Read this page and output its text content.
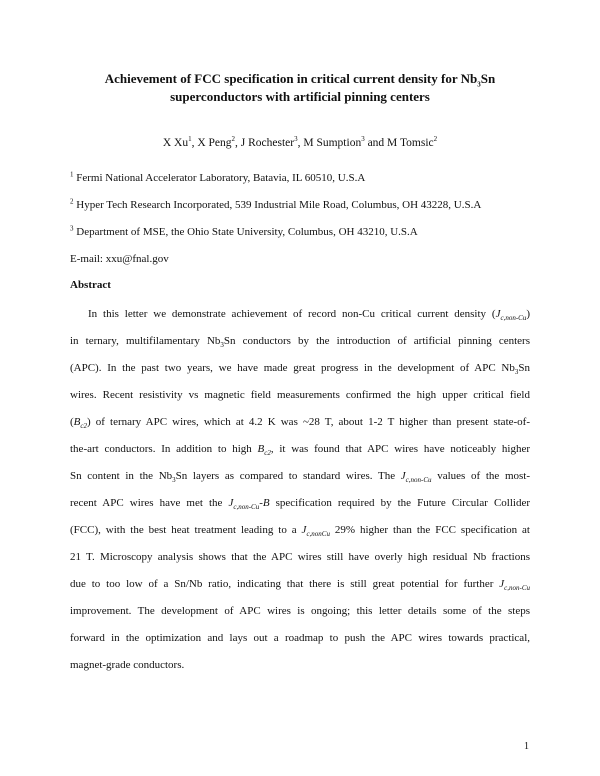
Achievement of FCC specification in critical current density for $Nb_3Sn$
superconductors with artificial pinning centers
X Xu$^1$, X Peng$^2$, J Rochester$^3$, M Sumption$^3$ and M Tomsic$^2$
$^1$ Fermi National Accelerator Laboratory, Batavia, IL 60510, U.S.A
$^2$ Hyper Tech Research Incorporated, 539 Industrial Mile Road, Columbus, OH 43228, U.S.A
$^3$ Department of MSE, the Ohio State University, Columbus, OH 43210, U.S.A
E-mail: xxu@fnal.gov
Abstract
In this letter we demonstrate achievement of record non-Cu critical current density $(J_{c,non-Cu})$
in ternary, multifilamentary $Nb_3Sn$ conductors by the introduction of artificial pinning centers
(APC). In the past two years, we have made great progress in the development of APC $Nb_3Sn$
wires. Recent resistivity vs magnetic field measurements confirmed the high upper critical field
$(B_{c2})$ of ternary APC wires, which at 4.2 K was ~28 T, about 1-2 T higher than present state-of-
the-art conductors. In addition to high $B_{c2}$, it was found that APC wires have noticeably higher
Sn content in the $Nb_3Sn$ layers as compared to standard wires. The $J_{c,non-Cu}$ values of the most-
recent APC wires have met the $J_{c,non-Cu}-B$ specification required by the Future Circular Collider
(FCC), with the best heat treatment leading to a $J_{c,nonCu}$ 29% higher than the FCC specification at
21 T. Microscopy analysis shows that the APC wires still have overly high residual Nb fractions
due to too low of a Sn/Nb ratio, indicating that there is still great potential for further $J_{c,non-Cu}$
improvement. The development of APC wires is ongoing; this letter details some of the steps
forward in the optimization and lays out a roadmap to push the APC wires towards practical,
magnet-grade conductors.
1
